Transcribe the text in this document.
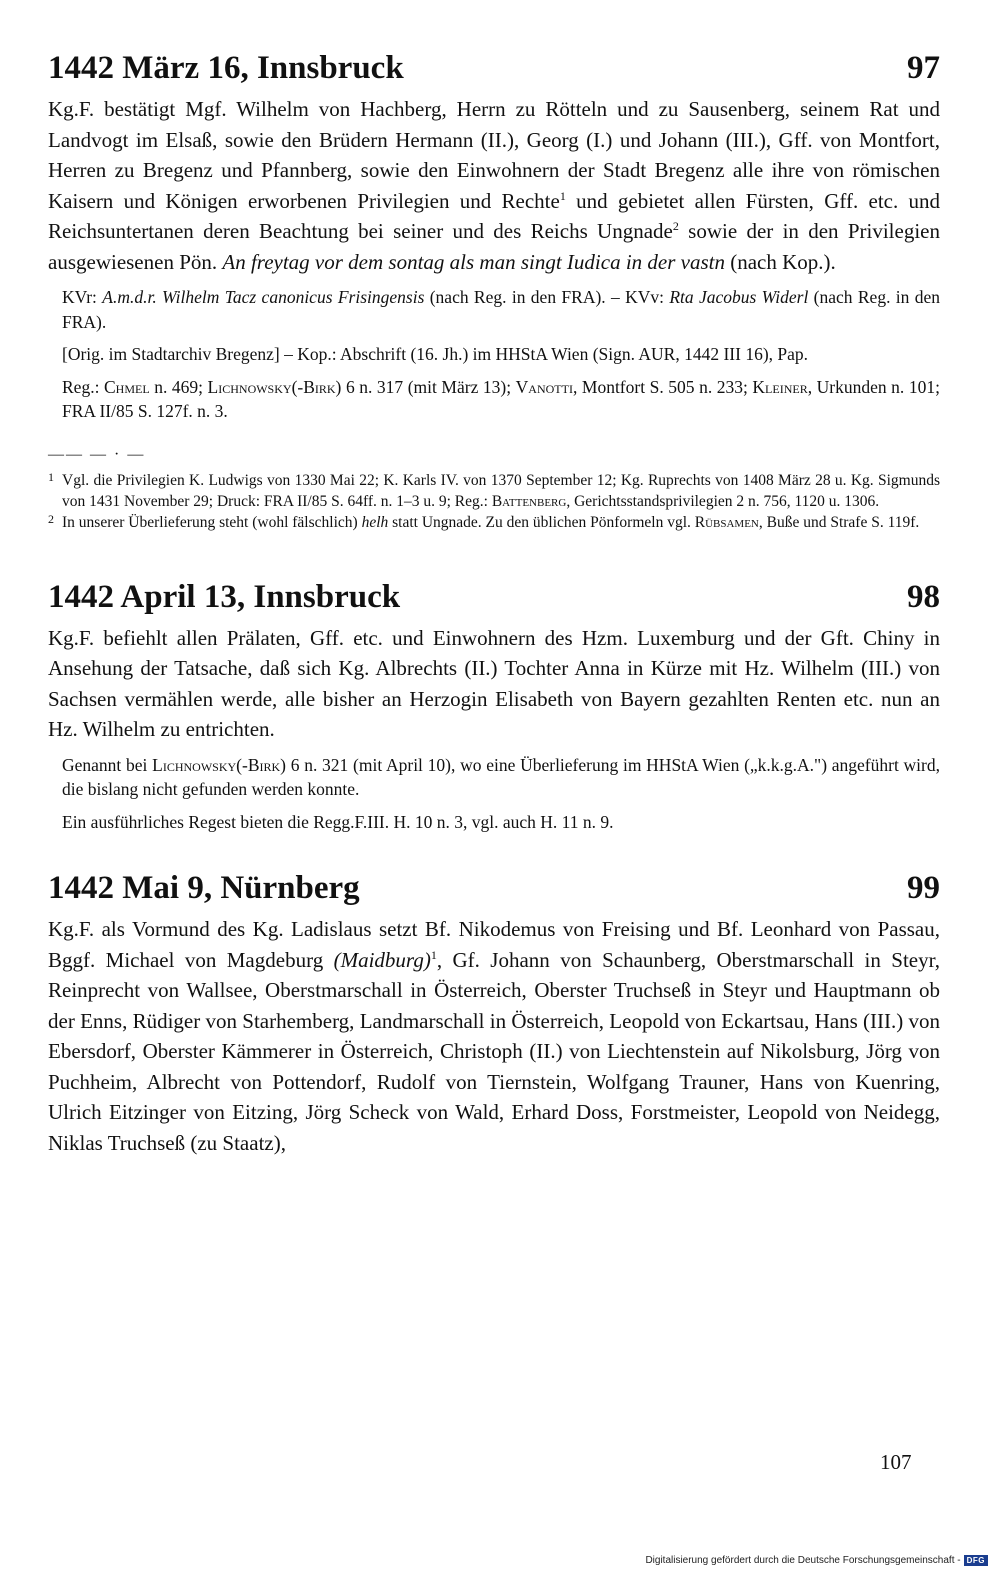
1442 März 16, Innsbruck	97

Kg.F. bestätigt Mgf. Wilhelm von Hachberg, Herrn zu Rötteln und zu Sausenberg, seinem Rat und Landvogt im Elsaß, sowie den Brüdern Hermann (II.), Georg (I.) und Johann (III.), Gff. von Montfort, Herren zu Bregenz und Pfannberg, sowie den Einwohnern der Stadt Bregenz alle ihre von römischen Kaisern und Königen erworbenen Privilegien und Rechte$^1$ und gebietet allen Fürsten, Gff. etc. und Reichsuntertanen deren Beachtung bei seiner und des Reichs Ungnade$^2$ sowie der in den Privilegien ausgewiesenen Pön. An freytag vor dem sontag als man singt Iudica in der vastn (nach Kop.).

KVr: A.m.d.r. Wilhelm Tacz canonicus Frisingensis (nach Reg. in den FRA). – KVv: Rta Jacobus Widerl (nach Reg. in den FRA).

[Orig. im Stadtarchiv Bregenz] – Kop.: Abschrift (16. Jh.) im HHStA Wien (Sign. AUR, 1442 III 16), Pap.

Reg.: Chmel n. 469; Lichnowsky(-Birk) 6 n. 317 (mit März 13); Vanotti, Montfort S. 505 n. 233; Kleiner, Urkunden n. 101; FRA II/85 S. 127f. n. 3.

—— — · —

1 Vgl. die Privilegien K. Ludwigs von 1330 Mai 22; K. Karls IV. von 1370 September 12; Kg. Ruprechts von 1408 März 28 u. Kg. Sigmunds von 1431 November 29; Druck: FRA II/85 S. 64ff. n. 1–3 u. 9; Reg.: Battenberg, Gerichtsstandsprivilegien 2 n. 756, 1120 u. 1306.

2 In unserer Überlieferung steht (wohl fälschlich) helh statt Ungnade. Zu den üblichen Pönformeln vgl. Rübsamen, Buße und Strafe S. 119f.

1442 April 13, Innsbruck	98

Kg.F. befiehlt allen Prälaten, Gff. etc. und Einwohnern des Hzm. Luxemburg und der Gft. Chiny in Ansehung der Tatsache, daß sich Kg. Albrechts (II.) Tochter Anna in Kürze mit Hz. Wilhelm (III.) von Sachsen vermählen werde, alle bisher an Herzogin Elisabeth von Bayern gezahlten Renten etc. nun an Hz. Wilhelm zu entrichten.

Genannt bei Lichnowsky(-Birk) 6 n. 321 (mit April 10), wo eine Überlieferung im HHStA Wien („k.k.g.A.") angeführt wird, die bislang nicht gefunden werden konnte.

Ein ausführliches Regest bieten die Regg.F.III. H. 10 n. 3, vgl. auch H. 11 n. 9.

1442 Mai 9, Nürnberg	99

Kg.F. als Vormund des Kg. Ladislaus setzt Bf. Nikodemus von Freising und Bf. Leonhard von Passau, Bggf. Michael von Magdeburg (Maidburg)$^1$, Gf. Johann von Schaunberg, Oberstmarschall in Steyr, Reinprecht von Wallsee, Oberstmarschall in Österreich, Oberster Truchseß in Steyr und Hauptmann ob der Enns, Rüdiger von Starhemberg, Landmarschall in Österreich, Leopold von Eckartsau, Hans (III.) von Ebersdorf, Oberster Kämmerer in Österreich, Christoph (II.) von Liechtenstein auf Nikolsburg, Jörg von Puchheim, Albrecht von Pottendorf, Rudolf von Tiernstein, Wolfgang Trauner, Hans von Kuenring, Ulrich Eitzinger von Eitzing, Jörg Scheck von Wald, Erhard Doss, Forstmeister, Leopold von Neidegg, Niklas Truchseß (zu Staatz),

107
Digitalisierung gefördert durch die Deutsche Forschungsgemeinschaft - DFG
